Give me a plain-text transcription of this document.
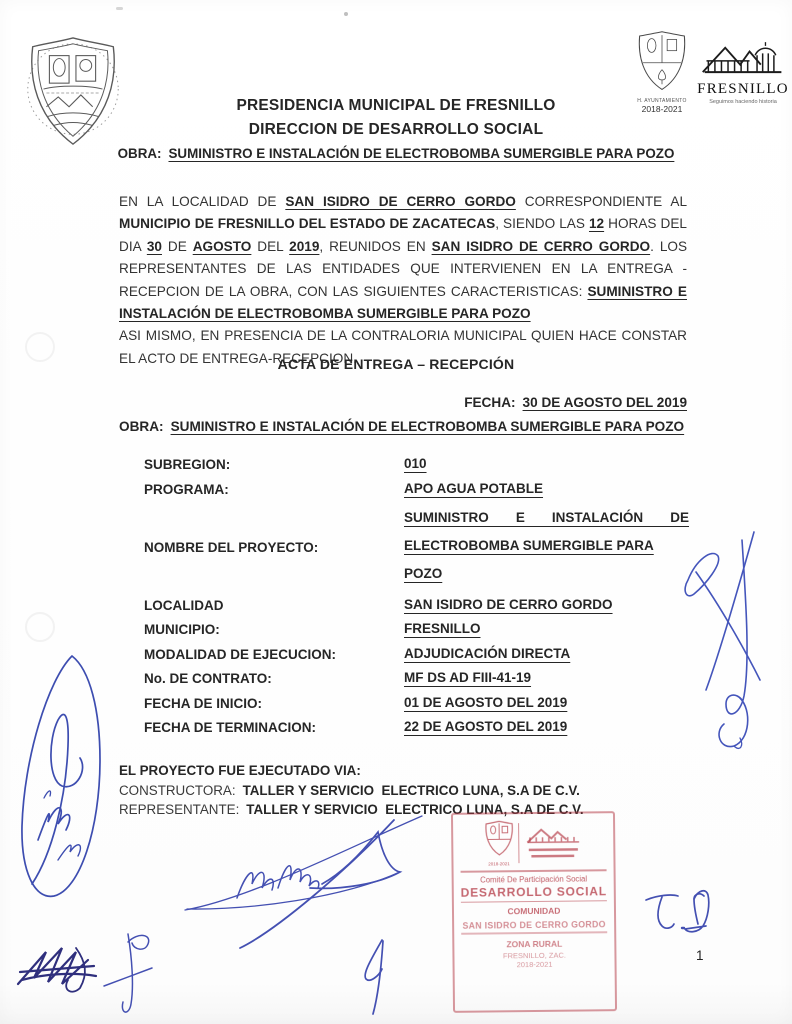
H. AYUNTAMIENTO
2018-2021
FRESNILLO
Seguimos haciendo historia
PRESIDENCIA MUNICIPAL DE FRESNILLO
DIRECCION DE DESARROLLO SOCIAL
OBRA: SUMINISTRO E INSTALACIÓN DE ELECTROBOMBA SUMERGIBLE PARA POZO

EN LA LOCALIDAD DE SAN ISIDRO DE CERRO GORDO CORRESPONDIENTE AL MUNICIPIO DE FRESNILLO DEL ESTADO DE ZACATECAS, SIENDO LAS 12 HORAS DEL DIA 30 DE AGOSTO DEL 2019, REUNIDOS EN SAN ISIDRO DE CERRO GORDO. LOS REPRESENTANTES DE LAS ENTIDADES QUE INTERVIENEN EN LA ENTREGA - RECEPCION DE LA OBRA, CON LAS SIGUIENTES CARACTERISTICAS: SUMINISTRO E INSTALACIÓN DE ELECTROBOMBA SUMERGIBLE PARA POZO

ASI MISMO, EN PRESENCIA DE LA CONTRALORIA MUNICIPAL QUIEN HACE CONSTAR EL ACTO DE ENTREGA-RECEPCION.

ACTA DE ENTREGA – RECEPCIÓN
FECHA: 30 DE AGOSTO DEL 2019
OBRA: SUMINISTRO E INSTALACIÓN DE ELECTROBOMBA SUMERGIBLE PARA POZO
SUBREGION:	010
PROGRAMA:	APO AGUA POTABLE
NOMBRE DEL PROYECTO:
SUMINISTRO E INSTALACIÓN DE
ELECTROBOMBA SUMERGIBLE PARA POZO
LOCALIDAD	SAN ISIDRO DE CERRO GORDO
MUNICIPIO:	FRESNILLO
MODALIDAD DE EJECUCION:	ADJUDICACIÓN DIRECTA
No. DE CONTRATO:	MF DS AD FIII-41-19
FECHA DE INICIO:	01 DE AGOSTO DEL 2019
FECHA DE TERMINACION:	22 DE AGOSTO DEL 2019
EL PROYECTO FUE EJECUTADO VIA:
CONSTRUCTORA: TALLER Y SERVICIO  ELECTRICO LUNA, S.A DE C.V.
REPRESENTANTE: TALLER Y SERVICIO  ELECTRICO LUNA, S.A DE C.V.
2018-2021
Comité De Participación Social
DESARROLLO SOCIAL
COMUNIDAD
SAN ISIDRO DE CERRO GORDO
ZONA RURAL
FRESNILLO, ZAC.
2018-2021
1
